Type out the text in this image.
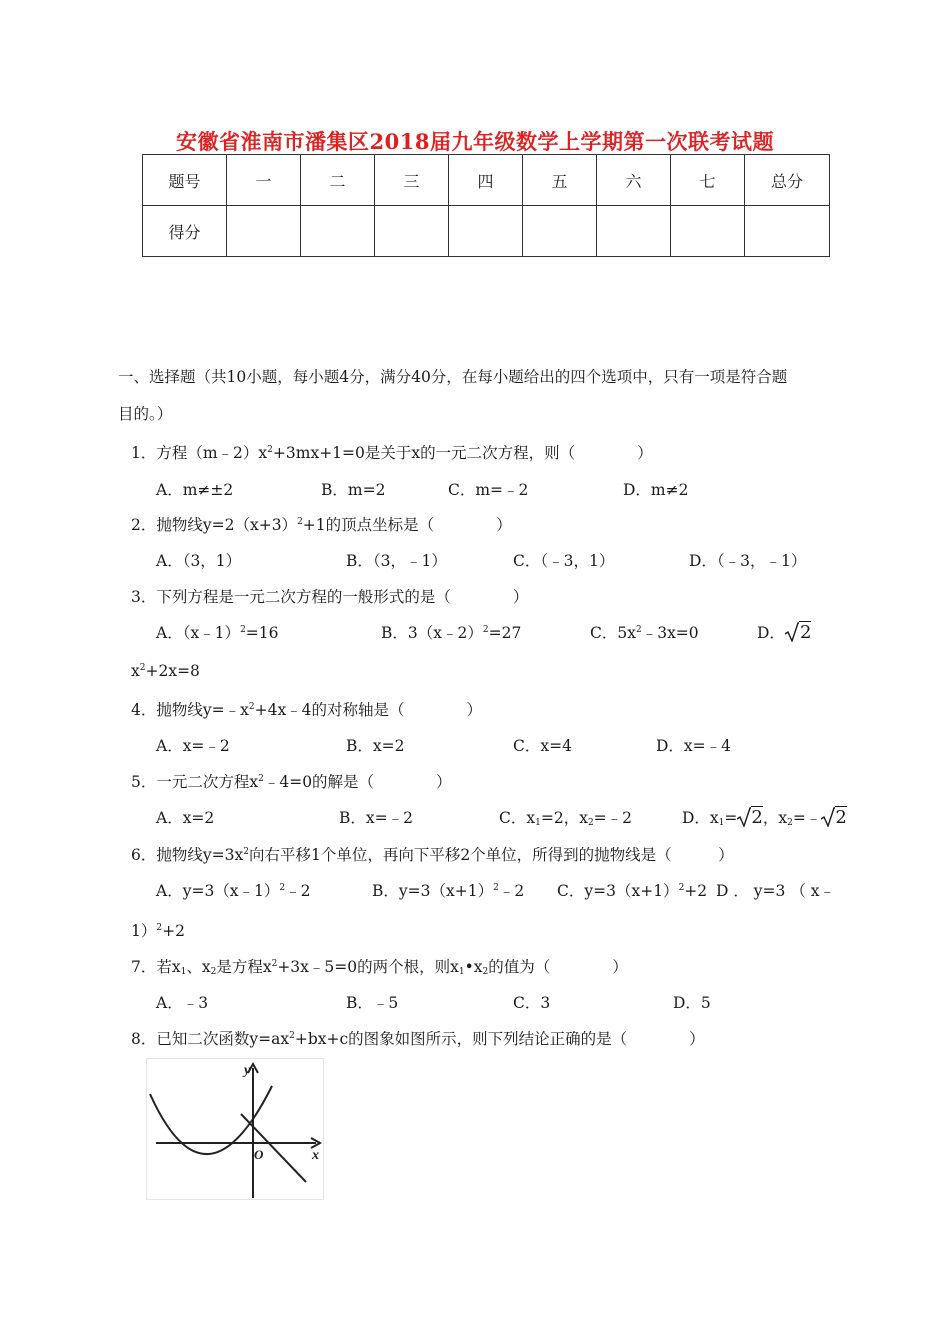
安徽省淮南市潘集区2018届九年级数学上学期第一次联考试题
题号	一	二	三	四	五	六	七	总分
得分								
一、选择题（共10小题，每小题4分，满分40分，在每小题给出的四个选项中，只有一项是符合题
目的。）
1．方程$(m﹣2)x^2+3mx+1=0$是关于x的一元二次方程，则（　　　　）
A．m≠±2	B．m=2	C．m=﹣2	D．m≠2
2．抛物线$y=2(x+3)^2+1$的顶点坐标是（　　　　）
A．（3，1）	B．（3，﹣1）	C．（﹣3，1）	D．（﹣3，﹣1）
3．下列方程是一元二次方程的一般形式的是（　　　　）
A．（x﹣1）$^2$=16	B．3（x﹣2）$^2$=27	C．$5x^2﹣3x=0$	D． 2
$x^2+2x=8$
4．抛物线$y=﹣x^2+4x﹣4$的对称轴是（　　　　）
A．x=﹣2	B．x=2	C．x=4	D．x=﹣4
5．一元二次方程$x^2﹣4=0$的解是（　　　　）
A．x=2	B．x=﹣2	C．$x_1=2$，$x_2=﹣2$	D．$x_1= 2$，$x_2=﹣$ 2
6．抛物线$y=3x^2$向右平移1个单位，再向下平移2个单位，所得到的抛物线是（　　　）
A．y=3（x﹣1）$^2$﹣2	B．$y=3(x+1)^2﹣2$ C．$y=3(x+1)^2+2$ D ． y=3 （ x﹣
1）$^2$+2
7．若$x_1$、$x_2$是方程$x^2+3x﹣5=0$的两个根，则$x_1•x_2$的值为（　　　　）
A．﹣3	B．﹣5	C．3	D．5
8．已知二次函数$y=ax^2+bx+c$的图象如图所示，则下列结论正确的是（　　　　）
y
x
O
